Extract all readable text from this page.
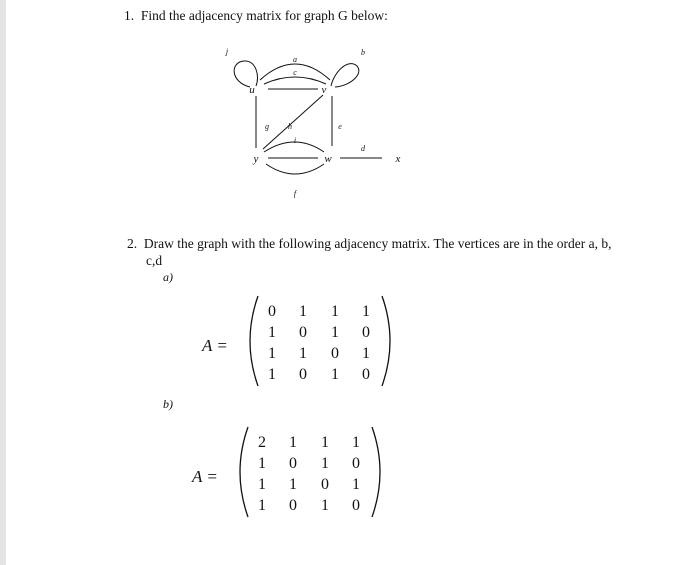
1. Find the adjacency matrix for graph G below:
u	v
y	w	x
a
b
c
d
e
f
g h
i
j
2. Draw the graph with the following adjacency matrix. The vertices are in the order a, b,
c,d
a)
A =
0 1 1 1
1 0 1 0
1 1 0 1
1 0 1 0
b)
A =
2 1 1 1
1 0 1 0
1 1 0 1
1 0 1 0
